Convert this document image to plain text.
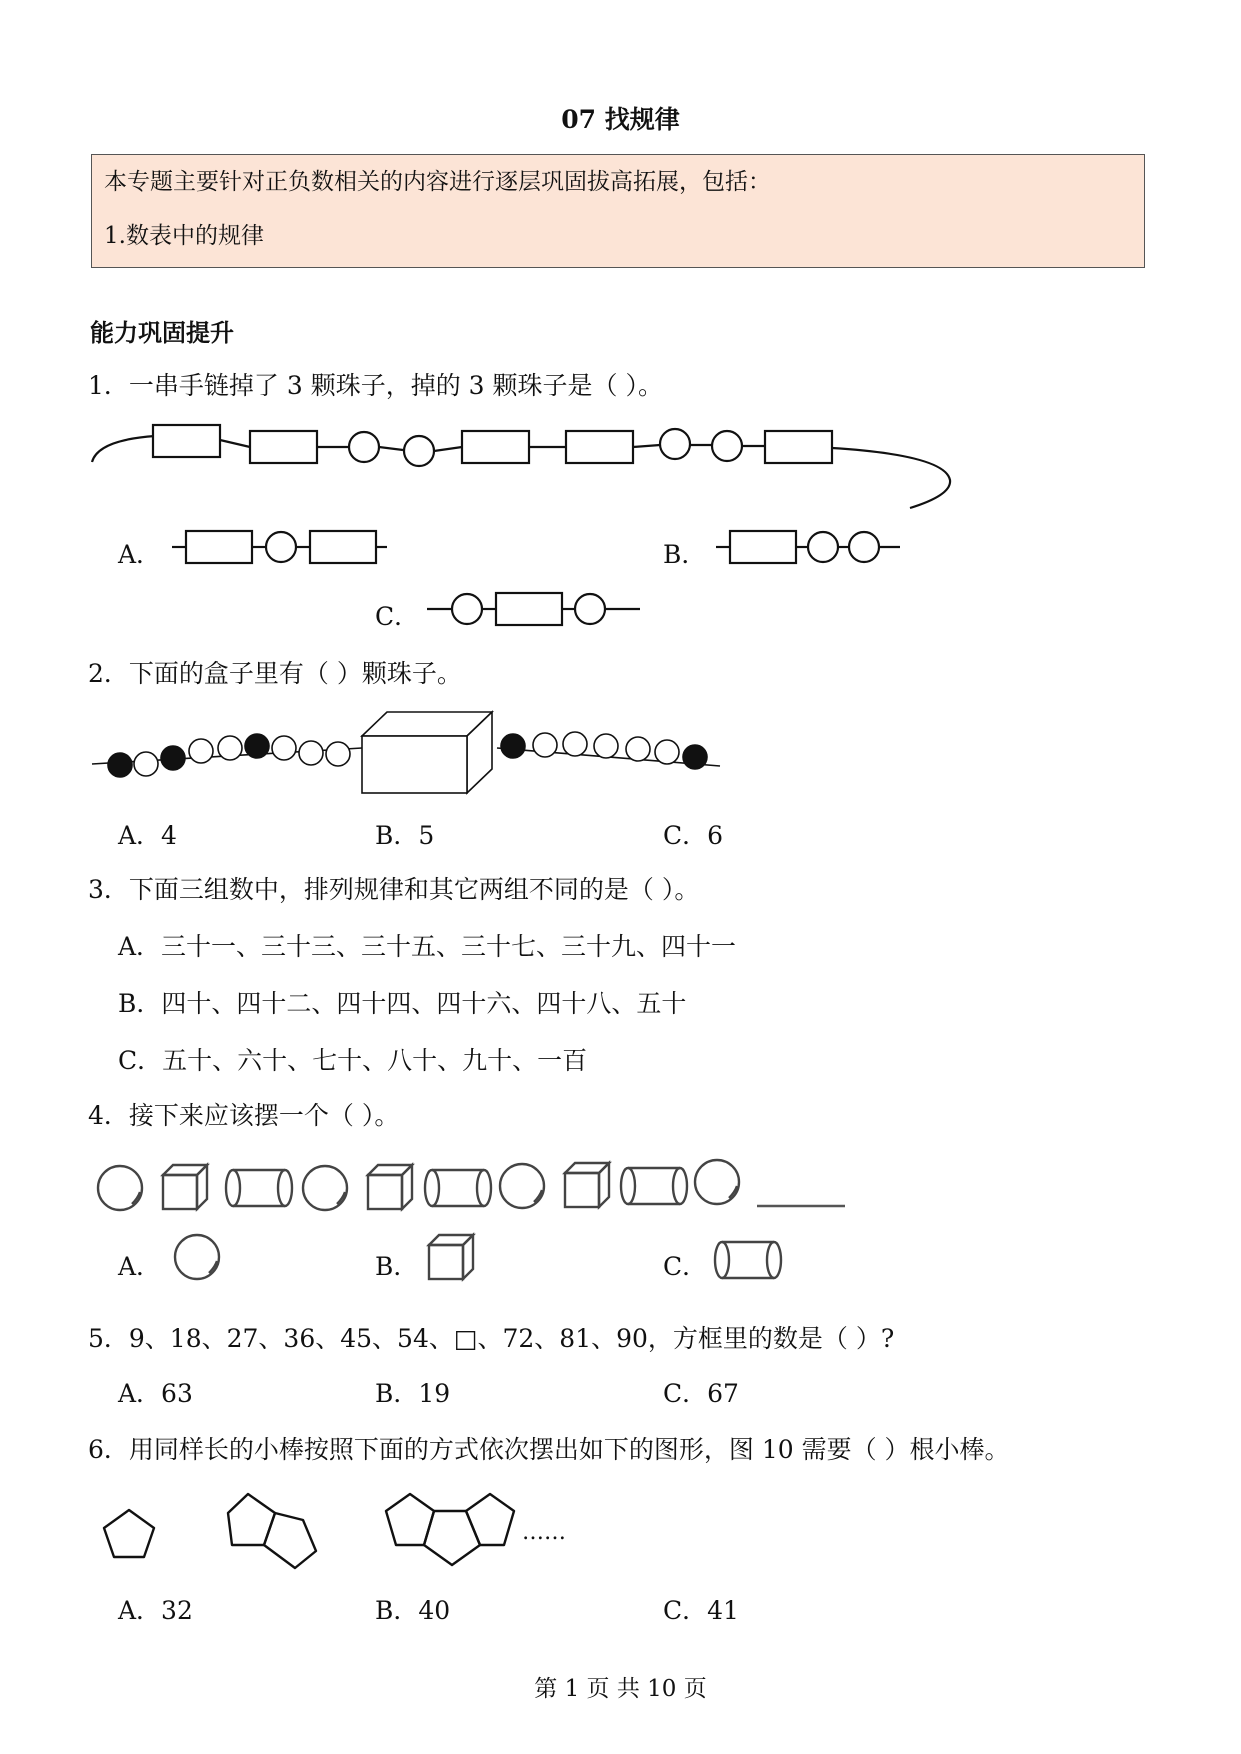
07 找规律
本专题主要针对正负数相关的内容进行逐层巩固拔高拓展，包括：
1.数表中的规律
能力巩固提升
1．一串手链掉了 3 颗珠子，掉的 3 颗珠子是（ ）。
A．	B．
C．
2．下面的盒子里有（ ）颗珠子。
A．4	B．5	C．6
3．下面三组数中，排列规律和其它两组不同的是（ ）。
A．三十一、三十三、三十五、三十七、三十九、四十一
B．四十、四十二、四十四、四十六、四十八、五十
C．五十、六十、七十、八十、九十、一百
4．接下来应该摆一个（ ）。
A．	B．	C．
5．9、18、27、36、45、54、□、72、81、90，方框里的数是（ ）?
A．63	B．19	C．67
6．用同样长的小棒按照下面的方式依次摆出如下的图形，图 10 需要（ ）根小棒。
……
A．32	B．40	C．41
第 1 页 共 10 页
